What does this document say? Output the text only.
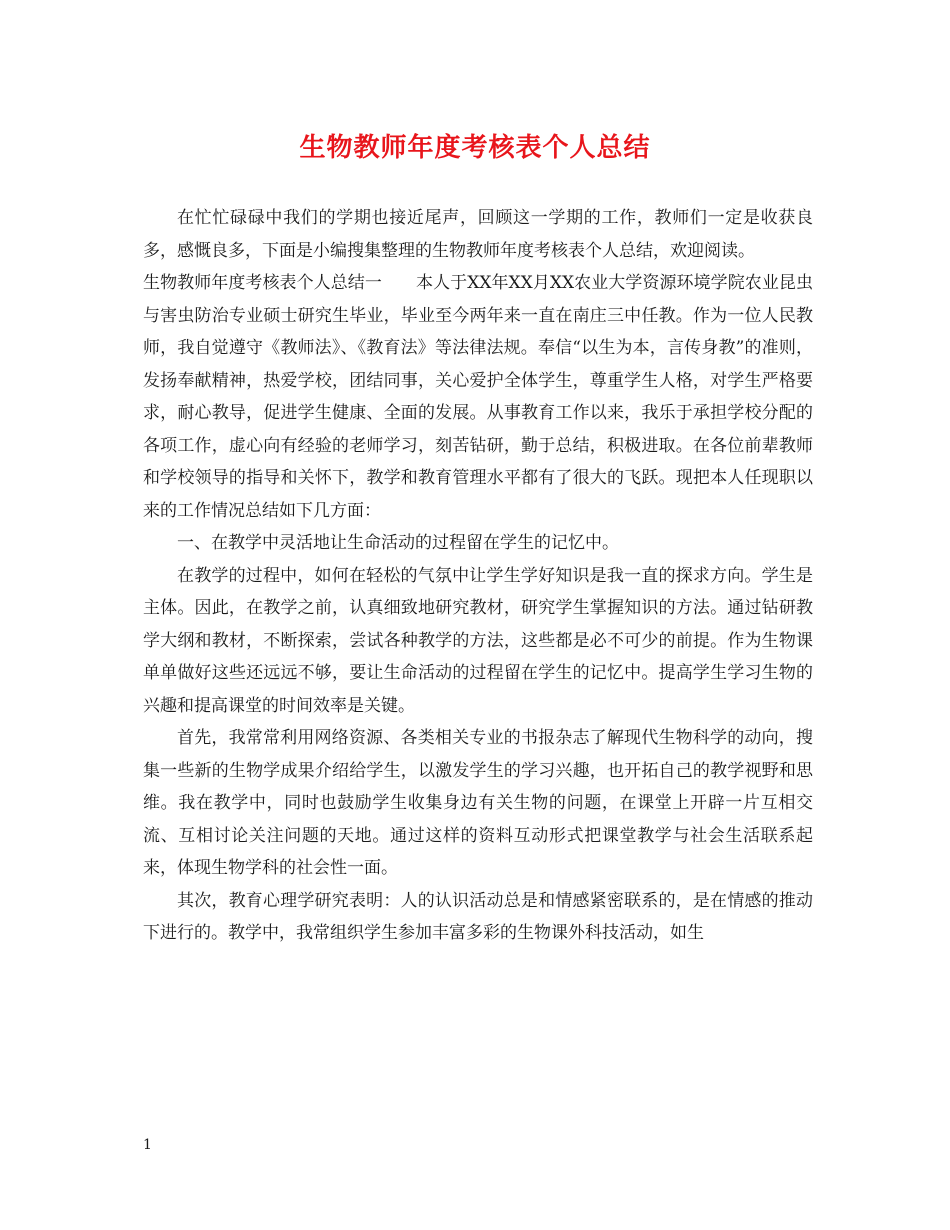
生物教师年度考核表个人总结

在忙忙碌碌中我们的学期也接近尾声，回顾这一学期的工作，教师们一定是收获良多，感慨良多，下面是小编搜集整理的生物教师年度考核表个人总结，欢迎阅读。

生物教师年度考核表个人总结一　　本人于XX年XX月XX农业大学资源环境学院农业昆虫与害虫防治专业硕士研究生毕业，毕业至今两年来一直在南庄三中任教。作为一位人民教师，我自觉遵守《教师法》、《教育法》等法律法规。奉信“以生为本，言传身教”的准则，发扬奉献精神，热爱学校，团结同事，关心爱护全体学生，尊重学生人格，对学生严格要求，耐心教导，促进学生健康、全面的发展。从事教育工作以来，我乐于承担学校分配的各项工作，虚心向有经验的老师学习，刻苦钻研，勤于总结，积极进取。在各位前辈教师和学校领导的指导和关怀下，教学和教育管理水平都有了很大的飞跃。现把本人任现职以来的工作情况总结如下几方面：

一、在教学中灵活地让生命活动的过程留在学生的记忆中。

在教学的过程中，如何在轻松的气氛中让学生学好知识是我一直的探求方向。学生是主体。因此，在教学之前，认真细致地研究教材，研究学生掌握知识的方法。通过钻研教学大纲和教材，不断探索，尝试各种教学的方法，这些都是必不可少的前提。作为生物课单单做好这些还远远不够，要让生命活动的过程留在学生的记忆中。提高学生学习生物的兴趣和提高课堂的时间效率是关键。

首先，我常常利用网络资源、各类相关专业的书报杂志了解现代生物科学的动向，搜集一些新的生物学成果介绍给学生，以激发学生的学习兴趣，也开拓自己的教学视野和思维。我在教学中，同时也鼓励学生收集身边有关生物的问题，在课堂上开辟一片互相交流、互相讨论关注问题的天地。通过这样的资料互动形式把课堂教学与社会生活联系起来，体现生物学科的社会性一面。

其次，教育心理学研究表明：人的认识活动总是和情感紧密联系的，是在情感的推动下进行的。教学中，我常组织学生参加丰富多彩的生物课外科技活动，如生

1
